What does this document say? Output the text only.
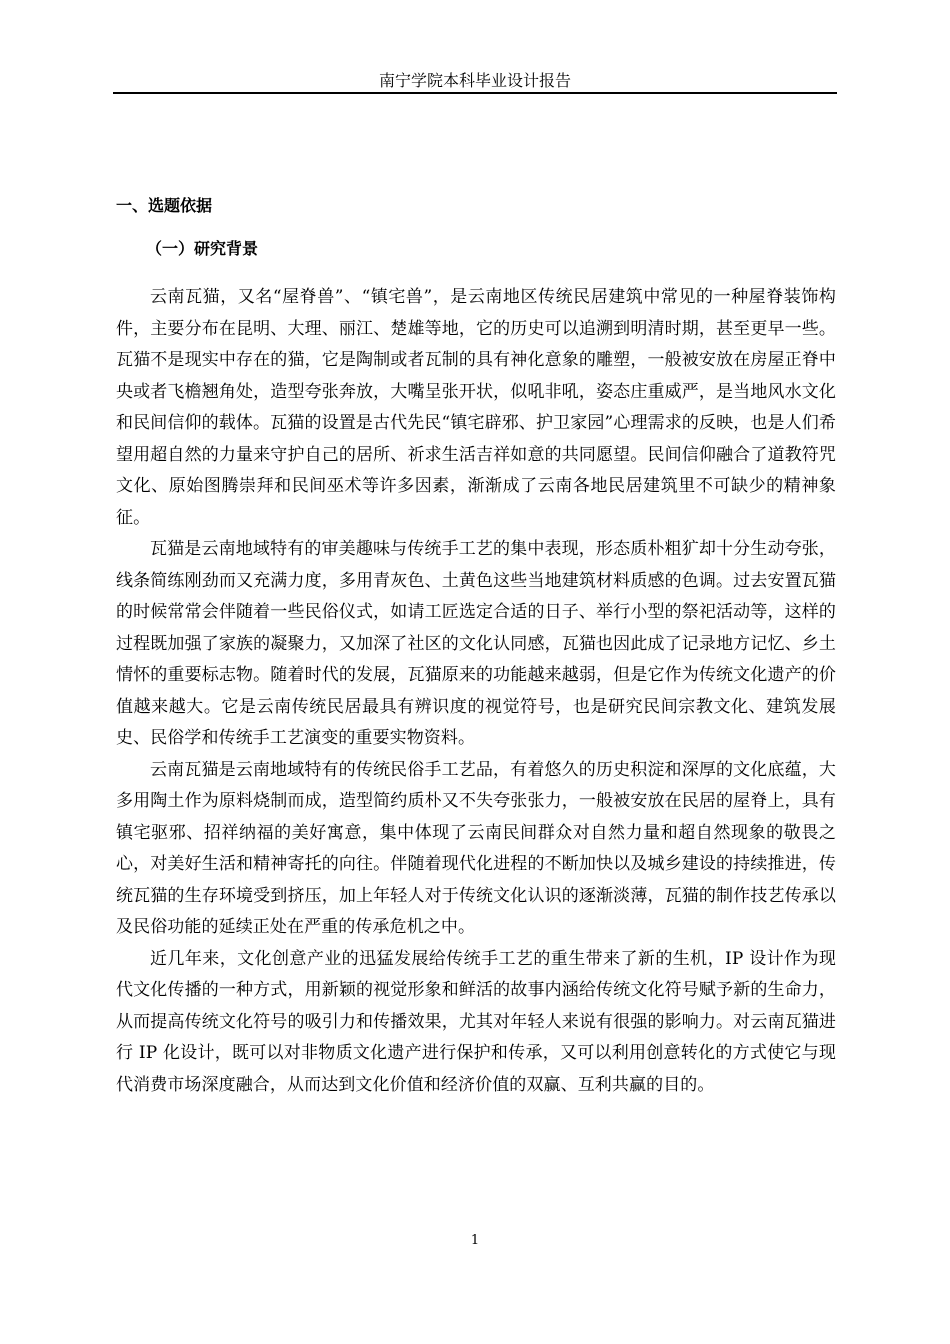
南宁学院本科毕业设计报告
一、选题依据
（一）研究背景

云南瓦猫，又名“屋脊兽”、“镇宅兽”，是云南地区传统民居建筑中常见的一种屋脊装饰构件，主要分布在昆明、大理、丽江、楚雄等地，它的历史可以追溯到明清时期，甚至更早一些。瓦猫不是现实中存在的猫，它是陶制或者瓦制的具有神化意象的雕塑，一般被安放在房屋正脊中央或者飞檐翘角处，造型夸张奔放，大嘴呈张开状，似吼非吼，姿态庄重威严，是当地风水文化和民间信仰的载体。瓦猫的设置是古代先民“镇宅辟邪、护卫家园”心理需求的反映，也是人们希望用超自然的力量来守护自己的居所、祈求生活吉祥如意的共同愿望。民间信仰融合了道教符咒文化、原始图腾崇拜和民间巫术等许多因素，渐渐成了云南各地民居建筑里不可缺少的精神象征。

瓦猫是云南地域特有的审美趣味与传统手工艺的集中表现，形态质朴粗犷却十分生动夸张，线条简练刚劲而又充满力度，多用青灰色、土黄色这些当地建筑材料质感的色调。过去安置瓦猫的时候常常会伴随着一些民俗仪式，如请工匠选定合适的日子、举行小型的祭祀活动等，这样的过程既加强了家族的凝聚力，又加深了社区的文化认同感，瓦猫也因此成了记录地方记忆、乡土情怀的重要标志物。随着时代的发展，瓦猫原来的功能越来越弱，但是它作为传统文化遗产的价值越来越大。它是云南传统民居最具有辨识度的视觉符号，也是研究民间宗教文化、建筑发展史、民俗学和传统手工艺演变的重要实物资料。

云南瓦猫是云南地域特有的传统民俗手工艺品，有着悠久的历史积淀和深厚的文化底蕴，大多用陶土作为原料烧制而成，造型简约质朴又不失夸张张力，一般被安放在民居的屋脊上，具有镇宅驱邪、招祥纳福的美好寓意，集中体现了云南民间群众对自然力量和超自然现象的敬畏之心，对美好生活和精神寄托的向往。伴随着现代化进程的不断加快以及城乡建设的持续推进，传统瓦猫的生存环境受到挤压，加上年轻人对于传统文化认识的逐渐淡薄，瓦猫的制作技艺传承以及民俗功能的延续正处在严重的传承危机之中。

近几年来，文化创意产业的迅猛发展给传统手工艺的重生带来了新的生机，IP 设计作为现代文化传播的一种方式，用新颖的视觉形象和鲜活的故事内涵给传统文化符号赋予新的生命力，从而提高传统文化符号的吸引力和传播效果，尤其对年轻人来说有很强的影响力。对云南瓦猫进行 IP 化设计，既可以对非物质文化遗产进行保护和传承，又可以利用创意转化的方式使它与现代消费市场深度融合，从而达到文化价值和经济价值的双赢、互利共赢的目的。

1
